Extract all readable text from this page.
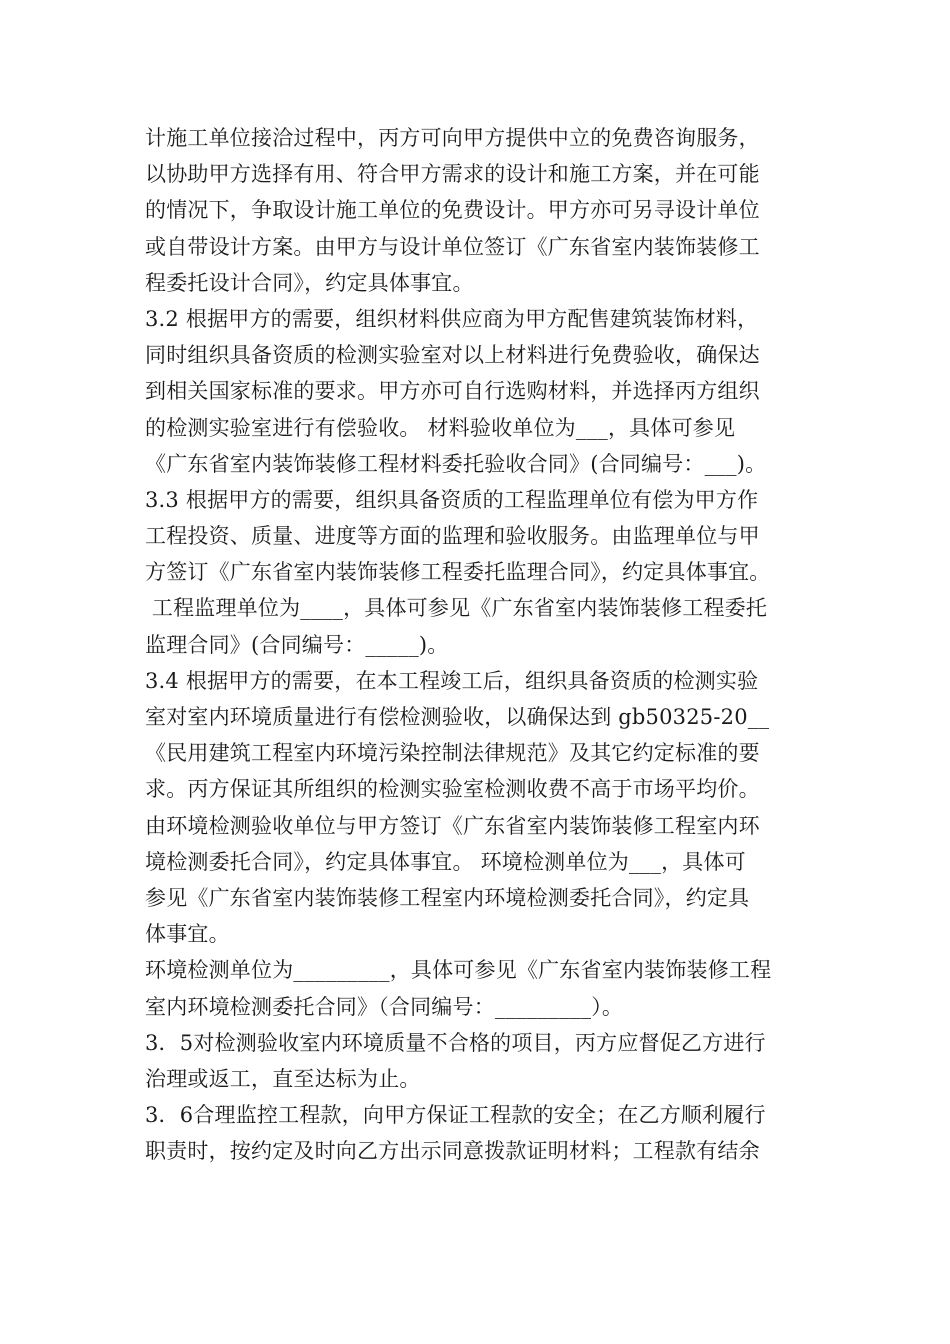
计施工单位接洽过程中，丙方可向甲方提供中立的免费咨询服务，
以协助甲方选择有用、符合甲方需求的设计和施工方案，并在可能
的情况下，争取设计施工单位的免费设计。甲方亦可另寻设计单位
或自带设计方案。由甲方与设计单位签订《广东省室内装饰装修工
程委托设计合同》，约定具体事宜。
3.2 根据甲方的需要，组织材料供应商为甲方配售建筑装饰材料，
同时组织具备资质的检测实验室对以上材料进行免费验收，确保达
到相关国家标准的要求。甲方亦可自行选购材料，并选择丙方组织
的检测实验室进行有偿验收。 材料验收单位为___，具体可参见
《广东省室内装饰装修工程材料委托验收合同》(合同编号：___)。
3.3 根据甲方的需要，组织具备资质的工程监理单位有偿为甲方作
工程投资、质量、进度等方面的监理和验收服务。由监理单位与甲
方签订《广东省室内装饰装修工程委托监理合同》，约定具体事宜。
工程监理单位为____，具体可参见《广东省室内装饰装修工程委托
监理合同》(合同编号：_____)。
3.4 根据甲方的需要，在本工程竣工后，组织具备资质的检测实验
室对室内环境质量进行有偿检测验收，以确保达到 gb50325-20__
《民用建筑工程室内环境污染控制法律规范》及其它约定标准的要
求。丙方保证其所组织的检测实验室检测收费不高于市场平均价。
由环境检测验收单位与甲方签订《广东省室内装饰装修工程室内环
境检测委托合同》，约定具体事宜。 环境检测单位为___，具体可
参见《广东省室内装饰装修工程室内环境检测委托合同》，约定具
体事宜。
环境检测单位为_________，具体可参见《广东省室内装饰装修工程
室内环境检测委托合同》（合同编号：_________）。
3．5对检测验收室内环境质量不合格的项目，丙方应督促乙方进行
治理或返工，直至达标为止。
3．6合理监控工程款，向甲方保证工程款的安全；在乙方顺利履行
职责时，按约定及时向乙方出示同意拨款证明材料；工程款有结余
